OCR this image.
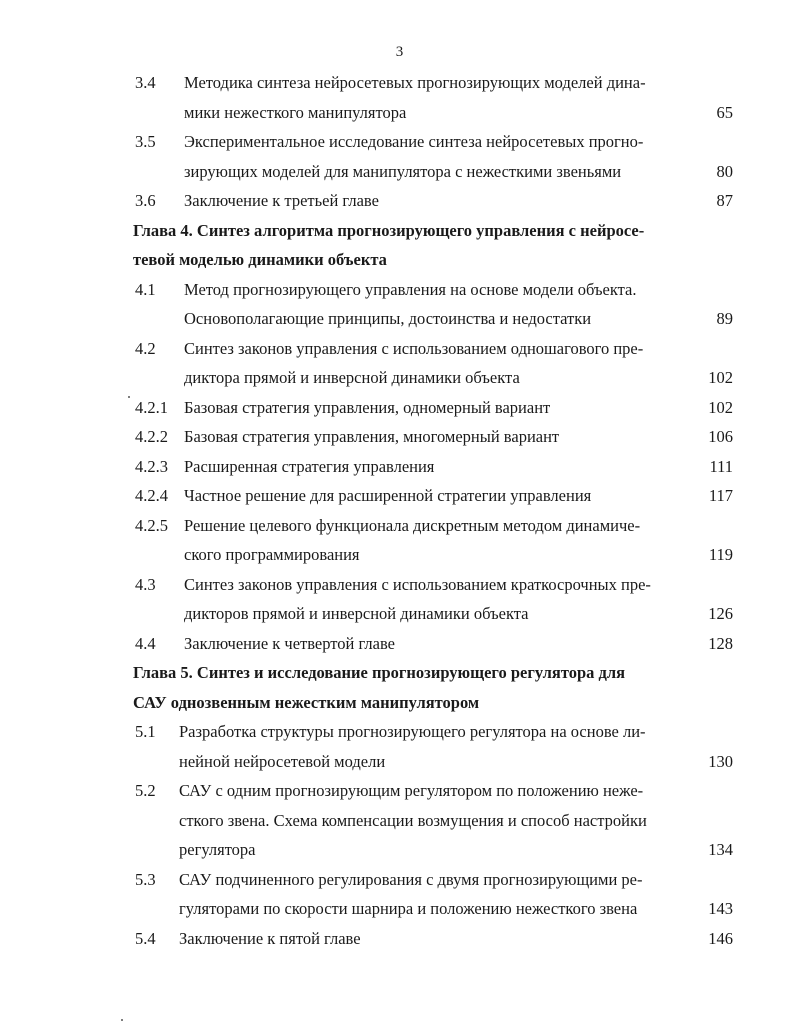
3
3.4 Методика синтеза нейросетевых прогнозирующих моделей дина-
мики нежесткого манипулятора	65
3.5 Экспериментальное исследование синтеза нейросетевых прогно-
зирующих моделей для манипулятора с нежесткими звеньями	80
3.6 Заключение к третьей главе	87
Глава 4. Синтез алгоритма прогнозирующего управления с нейросе-
тевой моделью динамики объекта
4.1 Метод прогнозирующего управления на основе модели объекта.
Основополагающие принципы, достоинства и недостатки	89
4.2 Синтез законов управления с использованием одношагового пре-
диктора прямой и инверсной динамики объекта	102
4.2.1 Базовая стратегия управления, одномерный вариант	102
4.2.2 Базовая стратегия управления, многомерный вариант	106
4.2.3 Расширенная стратегия управления	111
4.2.4 Частное решение для расширенной стратегии управления	117
4.2.5 Решение целевого функционала дискретным методом динамиче-
ского программирования	119
4.3 Синтез законов управления с использованием краткосрочных пре-
дикторов прямой и инверсной динамики объекта	126
4.4 Заключение к четвертой главе	128
Глава 5. Синтез и исследование прогнозирующего регулятора для
САУ однозвенным нежестким манипулятором
5.1 Разработка структуры прогнозирующего регулятора на основе ли-
нейной нейросетевой модели	130
5.2 САУ с одним прогнозирующим регулятором по положению неже-
сткого звена. Схема компенсации возмущения и способ настройки
регулятора	134
5.3 САУ подчиненного регулирования с двумя прогнозирующими ре-
гуляторами по скорости шарнира и положению нежесткого звена	143
5.4 Заключение к пятой главе	146
